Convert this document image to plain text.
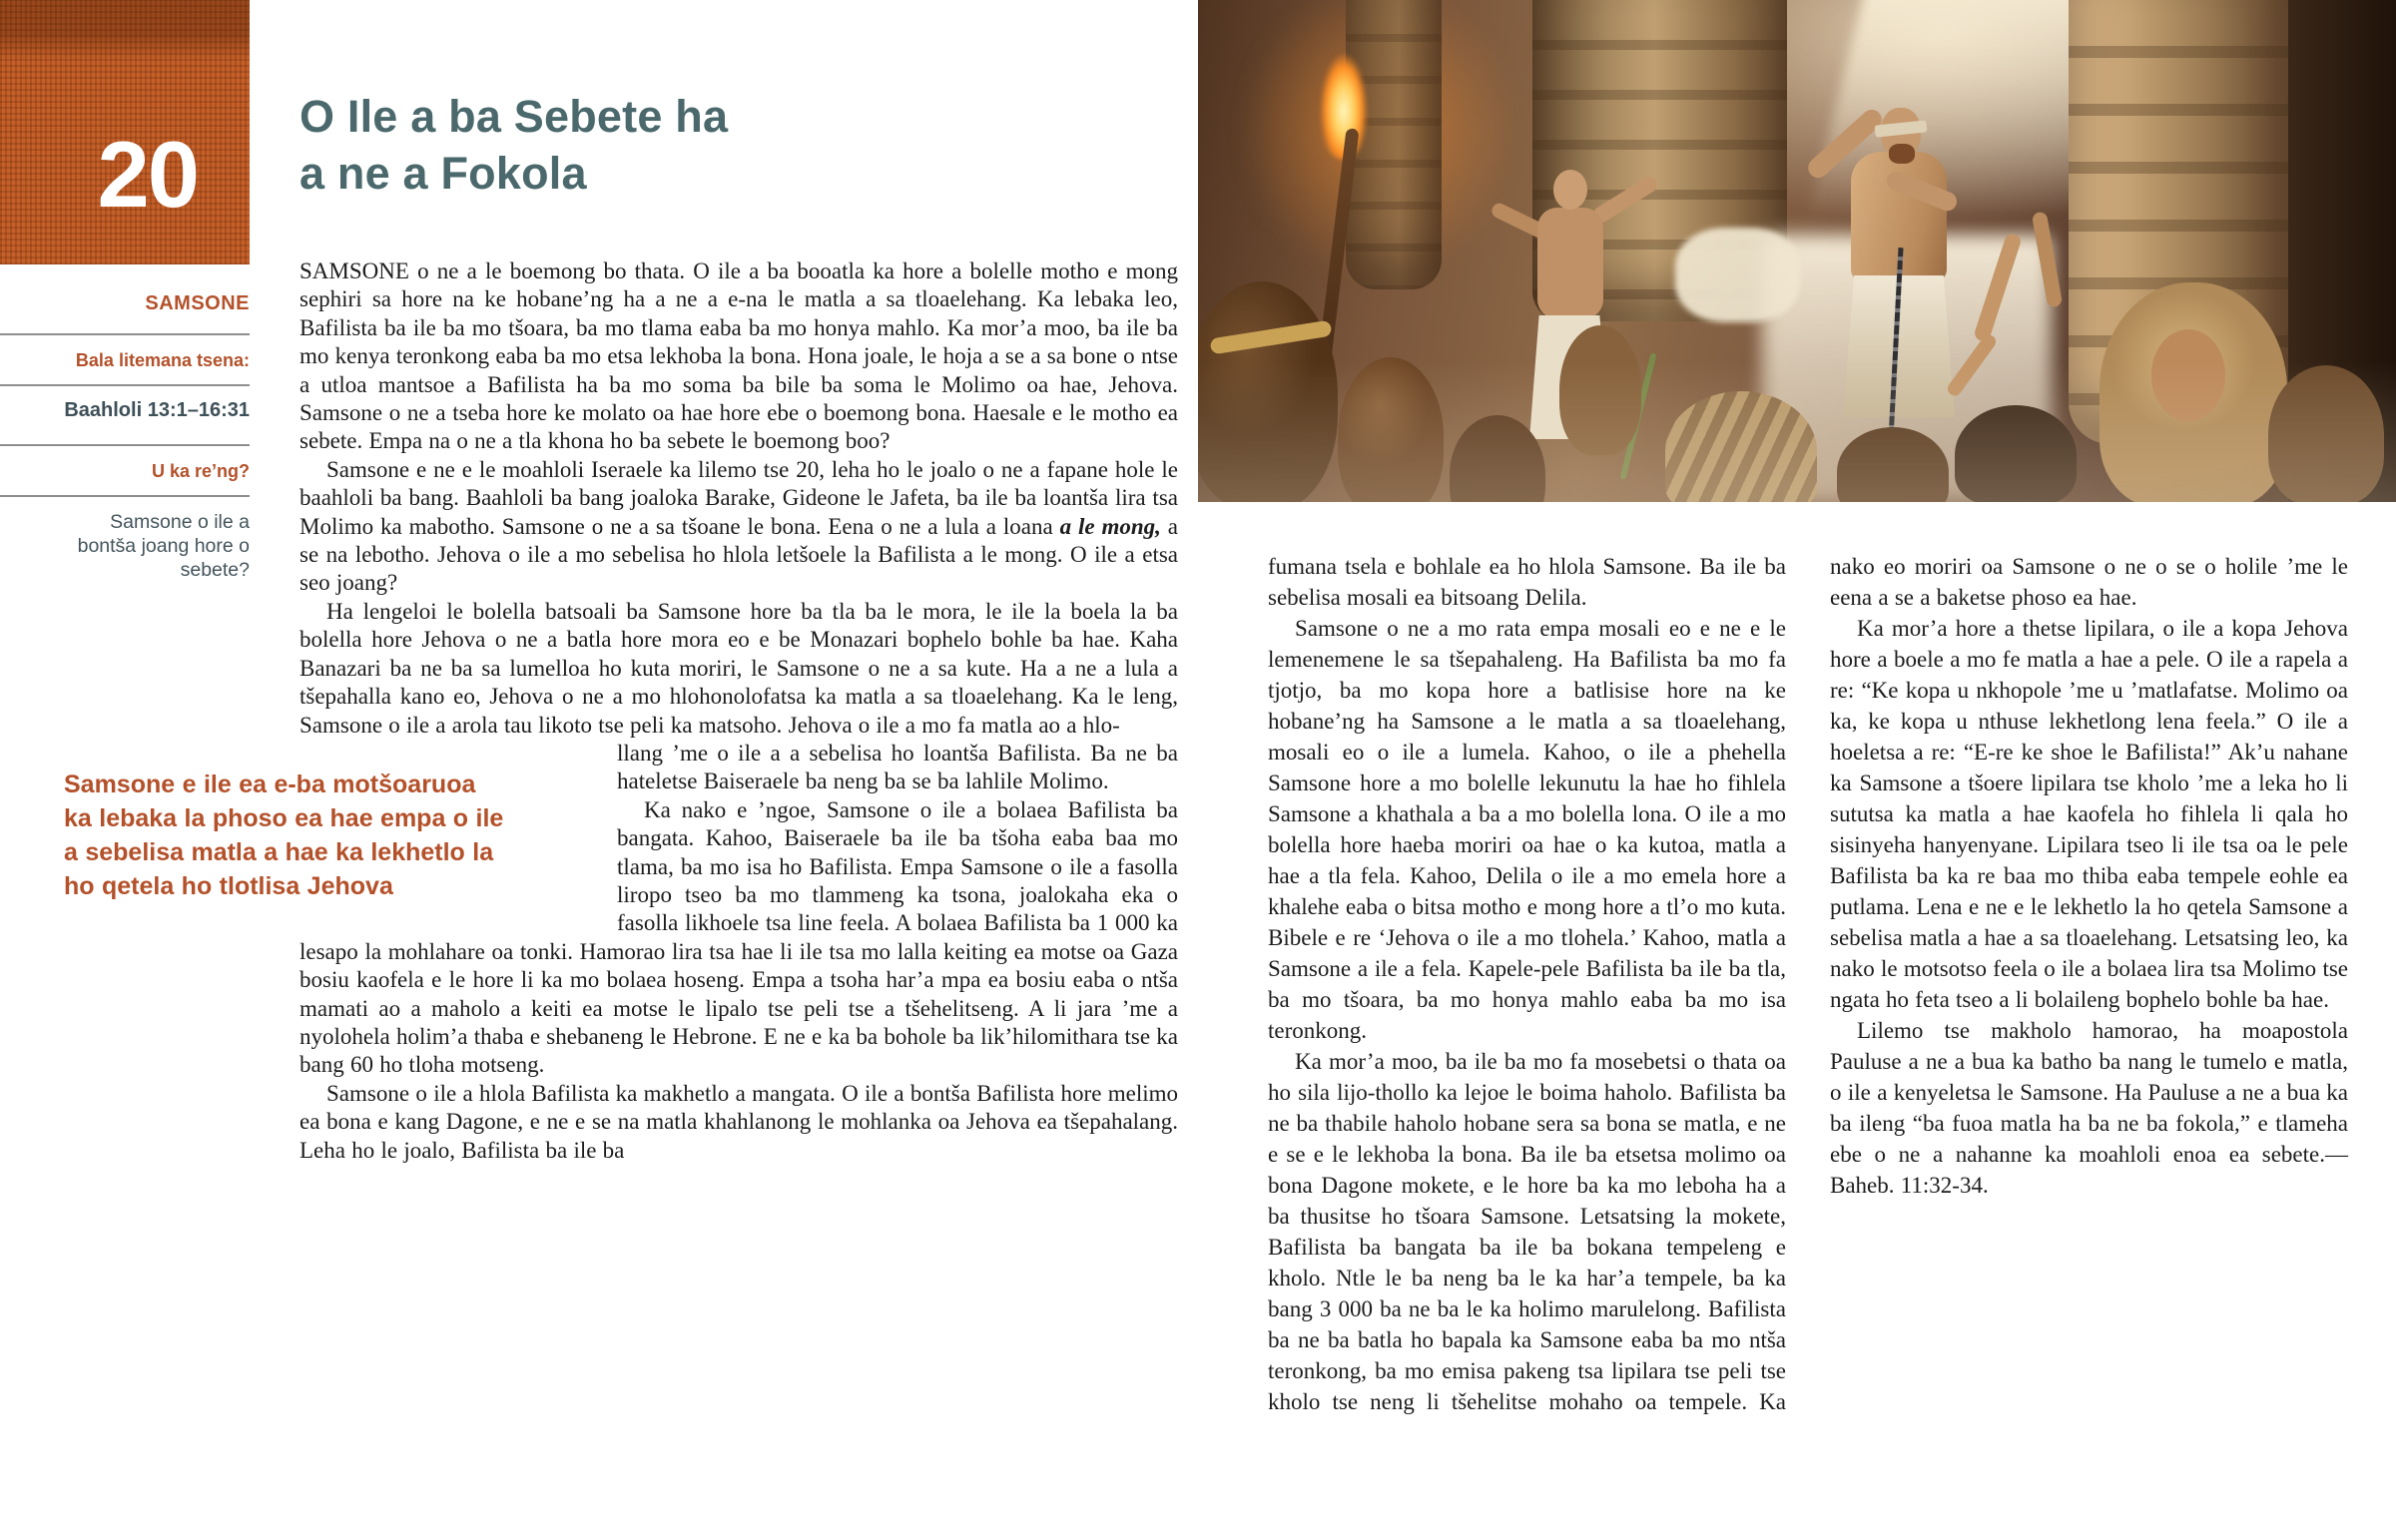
20
SAMSONE
Bala litemana tsena:
Baahloli 13:1–16:31
U ka re’ng?
Samsone o ile a bontša joang hore o sebete?
O Ile a ba Sebete ha
a ne a Fokola

SAMSONE o ne a le boemong bo thata. O ile a ba booatla ka hore a bolelle motho e mong sephiri sa hore na ke hobane’ng ha a ne a e-na le matla a sa tloaelehang. Ka lebaka leo, Bafilista ba ile ba mo tšoara, ba mo tlama eaba ba mo honya mahlo. Ka mor’a moo, ba ile ba mo kenya teronkong eaba ba mo etsa lekhoba la bona. Hona joale, le hoja a se a sa bone o ntse a utloa mantsoe a Bafilista ha ba mo soma ba bile ba soma le Molimo oa hae, Jehova. Samsone o ne a tseba hore ke molato oa hae hore ebe o boemong bona. Haesale e le motho ea sebete. Empa na o ne a tla khona ho ba sebete le boemong boo?

Samsone e ne e le moahloli Iseraele ka lilemo tse 20, leha ho le joalo o ne a fapane hole le baahloli ba bang. Baahloli ba bang joaloka Barake, Gideone le Jafeta, ba ile ba loantša lira tsa Molimo ka mabotho. Samsone o ne a sa tšoane le bona. Eena o ne a lula a loana a le mong, a se na lebotho. Jehova o ile a mo sebelisa ho hlola letšoele la Bafilista a le mong. O ile a etsa seo joang?

Ha lengeloi le bolella batsoali ba Samsone hore ba tla ba le mora, le ile la boela la ba bolella hore Jehova o ne a batla hore mora eo e be Monazari bophelo bohle ba hae. Kaha Banazari ba ne ba sa lumelloa ho kuta moriri, le Samsone o ne a sa kute. Ha a ne a lula a tšepahalla kano eo, Jehova o ne a mo hlohonolofatsa ka matla a sa tloaelehang. Ka le leng, Samsone o ile a arola tau likoto tse peli ka matsoho. Jehova o ile a mo fa matla ao a hlo-

Samsone e ile ea e-ba motšoaruoa
ka lebaka la phoso ea hae empa o ile
a sebelisa matla a hae ka lekhetlo la
ho qetela ho tlotlisa Jehova

llang ’me o ile a a sebelisa ho loantša Bafilista. Ba ne ba hateletse Baiseraele ba neng ba se ba lahlile Molimo.

Ka nako e ’ngoe, Samsone o ile a bolaea Bafilista ba bangata. Kahoo, Baiseraele ba ile ba tšoha eaba baa mo tlama, ba mo isa ho Bafilista. Empa Samsone o ile a fasolla liropo tseo ba mo tlammeng ka tsona, joalokaha eka o fasolla likhoele tsa line feela. A bolaea Bafilista ba 1 000 ka lesapo la mohlahare oa tonki. Hamorao lira tsa hae li ile tsa mo lalla keiting ea motse oa Gaza bosiu kaofela e le hore li ka mo bolaea hoseng. Empa a tsoha har’a mpa ea bosiu eaba o ntša mamati ao a maholo a keiti ea motse le lipalo tse peli tse a tšehelitseng. A li jara ’me a nyolohela holim’a thaba e shebaneng le Hebrone. E ne e ka ba bohole ba lik’hilomithara tse ka bang 60 ho tloha motseng.

Samsone o ile a hlola Bafilista ka makhetlo a mangata. O ile a bontša Bafilista hore melimo ea bona e kang Dagone, e ne e se na matla khahlanong le mohlanka oa Jehova ea tšepahalang. Leha ho le joalo, Bafilista ba ile ba

fumana tsela e bohlale ea ho hlola Samsone. Ba ile ba sebelisa mosali ea bitsoang Delila.

Samsone o ne a mo rata empa mosali eo e ne e le lemenemene le sa tšepahaleng. Ha Bafilista ba mo fa tjotjo, ba mo kopa hore a batlisise hore na ke hobane’ng ha Samsone a le matla a sa tloaelehang, mosali eo o ile a lumela. Kahoo, o ile a phehella Samsone hore a mo bolelle lekunutu la hae ho fihlela Samsone a khathala a ba a mo bolella lona. O ile a mo bolella hore haeba moriri oa hae o ka kutoa, matla a hae a tla fela. Kahoo, Delila o ile a mo emela hore a khalehe eaba o bitsa motho e mong hore a tl’o mo kuta. Bibele e re ‘Jehova o ile a mo tlohela.’ Kahoo, matla a Samsone a ile a fela. Kapele-pele Bafilista ba ile ba tla, ba mo tšoara, ba mo honya mahlo eaba ba mo isa teronkong.

Ka mor’a moo, ba ile ba mo fa mosebetsi o thata oa ho sila lijo-thollo ka lejoe le boima haholo. Bafilista ba ne ba thabile haholo hobane sera sa bona se matla, e ne e se e le lekhoba la bona. Ba ile ba etsetsa molimo oa bona Dagone mokete, e le hore ba ka mo leboha ha a ba thusitse ho tšoara Samsone. Letsatsing la mokete, Bafilista ba bangata ba ile ba bokana tempeleng e kholo. Ntle le ba neng ba le ka har’a tempele, ba ka bang 3 000 ba ne ba le ka holimo marulelong. Bafilista ba ne ba batla ho bapala ka Samsone eaba ba mo ntša teronkong, ba mo emisa pakeng tsa lipilara tse peli tse kholo tse neng li tšehelitse mohaho oa tempele. Ka nako eo moriri oa Samsone o ne o se o holile ’me le eena a se a baketse phoso ea hae.

Ka mor’a hore a thetse lipilara, o ile a kopa Jehova hore a boele a mo fe matla a hae a pele. O ile a rapela a re: “Ke kopa u nkhopole ’me u ’matlafatse. Molimo oa ka, ke kopa u nthuse lekhetlong lena feela.” O ile a hoeletsa a re: “E-re ke shoe le Bafilista!” Ak’u nahane ka Samsone a tšoere lipilara tse kholo ’me a leka ho li sututsa ka matla a hae kaofela ho fihlela li qala ho sisinyeha hanyenyane. Lipilara tseo li ile tsa oa le pele Bafilista ba ka re baa mo thiba eaba tempele eohle ea putlama. Lena e ne e le lekhetlo la ho qetela Samsone a sebelisa matla a hae a sa tloaelehang. Letsatsing leo, ka nako le motsotso feela o ile a bolaea lira tsa Molimo tse ngata ho feta tseo a li bolaileng bophelo bohle ba hae.

Lilemo tse makholo hamorao, ha moapostola Pauluse a ne a bua ka batho ba nang le tumelo e matla, o ile a kenyeletsa le Samsone. Ha Pauluse a ne a bua ka ba ileng “ba fuoa matla ha ba ne ba fokola,” e tlameha ebe o ne a nahanne ka moahloli enoa ea sebete.—Baheb. 11:32-34.
